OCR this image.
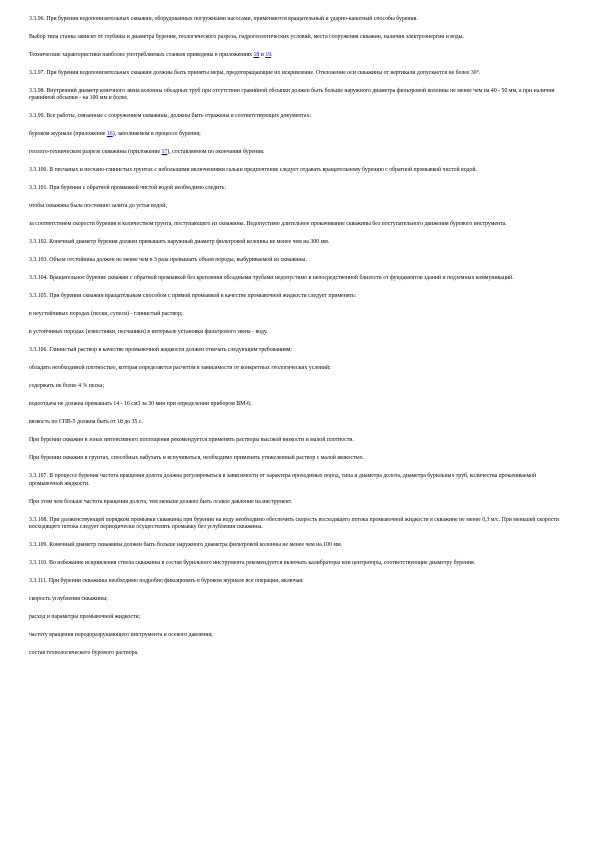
3.3.96. При бурении водопонизительных скважин, оборудованных погружными насосами, применяются вращательный и ударно-канатный способы бурения.

Выбор типа станка зависит от глубины и диаметра бурения, геологического разреза, гидрогеологических условий, места сооружения скважин, наличия электроэнергии и воды.

Технические характеристики наиболее употребляемых станков приведены в приложениях 18 и 19.

3.3.97. При бурении водопонизительных скважин должны быть приняты меры, предотвращающие их искривление. Отклонение оси скважины от вертикали допускается не более 30°.

3.3.98. Внутренний диаметр конечного звена колонны обсадных труб при отсутствии гравийной обсыпки должен быть больше наружного диаметра фильтровой колонны не менее чем на 40 - 50 мм, а при наличии гравийной обсыпки - на 100 мм и более.

3.3.99. Все работы, связанные с сооружением скважины, должны быть отражены в соответствующих документах:

буровом журнале (приложение 16), заполняемом в процессе бурения;

геолого-техническом разрезе скважины (приложение 17), составляемом по окончании бурения.

3.3.100. В песчаных и песчано-глинистых грунтах с небольшими включениями гальки предпочтение следует отдавать вращательному бурению с обратной промывкой чистой водой.

3.3.101. При бурении с обратной промывкой чистой водой необходимо следить:

чтобы скважина была постоянно залита до устья водой;

за соответствием скорости бурения и количеством грунта, поступающего из скважины. Недопустимо длительное прокачивание скважины без поступательного движения бурового инструмента.

3.3.102. Конечный диаметр бурения должен превышать наружный диаметр фильтровой колонны не менее чем на 300 мм.

3.3.103. Объем отстойника должен не менее чем в 3 раза превышать объем породы, выбуриваемой из скважины.

3.3.104. Вращательное бурение скважин с обратной промывкой без крепления обсадными трубами недопустимо в непосредственной близости от фундаментов зданий и подземных коммуникаций.

3.3.105. При бурении скважин вращательным способом с прямой промывкой в качестве промывочной жидкости следует применять:

в неустойчивых породах (пески, супеси) - глинистый раствор;

в устойчивых породах (известняки, песчаники) в интервале установки фильтрового звена - воду.

3.3.106. Глинистый раствор в качестве промывочной жидкости должен отвечать следующим требованиям:

обладать необходимой плотностью, которая определяется расчетом в зависимости от конкретных геологических условий;

содержать не более 4 % песка;

водоотдача не должна превышать 14 - 16 см3 за 30 мин при определении прибором ВМ-6;

вязкость по СПВ-5 должна быть от 18 до 35 с.

При бурении скважин в зонах интенсивного поглощения рекомендуется применять растворы высокой вязкости и малой плотности.

При бурении скважин в грунтах, способных набухать и вспучиваться, необходимо применять утяжеленный раствор с малой вязкостью.

3.3.107. В процессе бурения частота вращения долота должна регулироваться в зависимости от характера проходимых пород, типа и диаметра долота, диаметра бурильных труб, количества прокачиваемой промывочной жидкости.

При этом чем больше частота вращения долота, тем меньше должно быть осевое давление на инструмент.

3.3.108. При долженствующей порядком промывки скважины при бурении на воду необходимо обеспечить скорость восходящего потока промывочной жидкости в скважине не менее 0,3 м/с. При меньшей скорости восходящего потока следует периодически осуществлять промывку без углубления скважины.

3.3.109. Конечный диаметр скважины должен быть больше наружного диаметра фильтровой колонны не менее чем на 100 мм.

3.3.110. Во избежание искривления ствола скважины в состав бурильного инструмента рекомендуется включать калибраторы или центраторы, соответствующие диаметру бурения.

3.3.111. При бурении скважины необходимо подробно фиксировать в буровом журнале все операции, включая:

скорость углубления скважины;

расход и параметры промывочной жидкости;

частоту вращения породоразрушающего инструмента и осевого давления;

состав технологического бурового раствора.
